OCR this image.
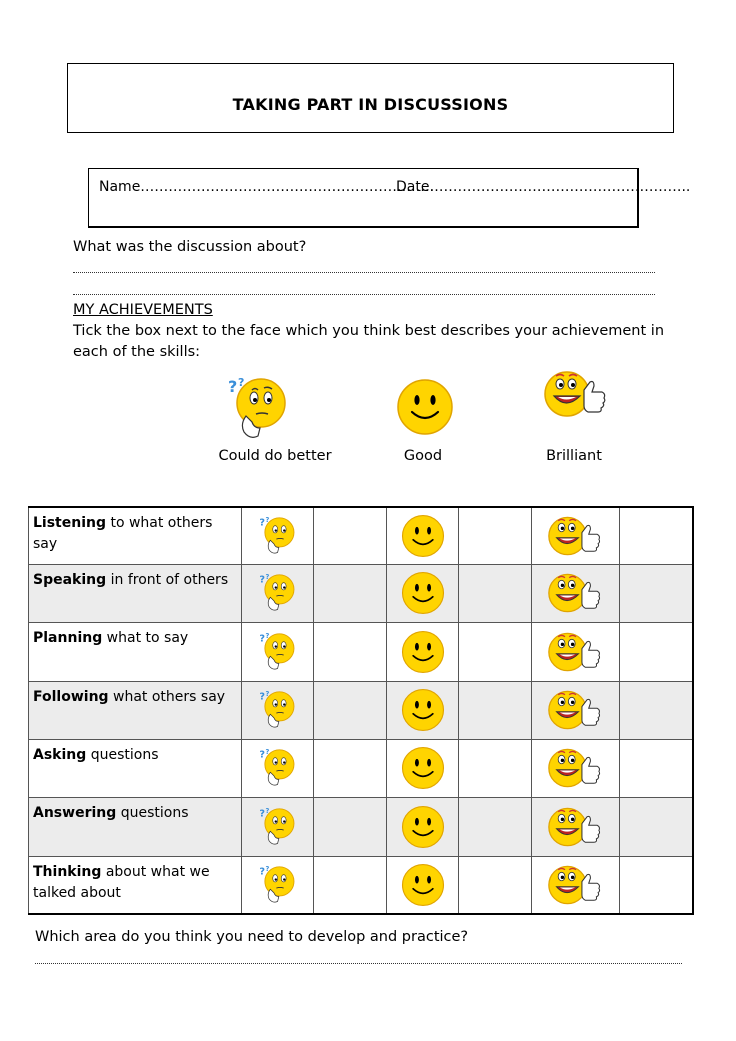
TAKING PART IN DISCUSSIONS
Name………………………………………………………
Date………………………………………………..
What was the discussion about?
MY ACHIEVEMENTS
Tick the box next to the face which you think best describes your achievement in
each of the skills:
? ?
Could do better	Good	Brilliant
Listening to what others say	? ?

Speaking in front of others	? ?

Planning what to say	? ?

Following what others say	? ?

Asking questions	? ?

Answering questions	? ?

Thinking about what we talked about	? ?

Which area do you think you need to develop and practice?
